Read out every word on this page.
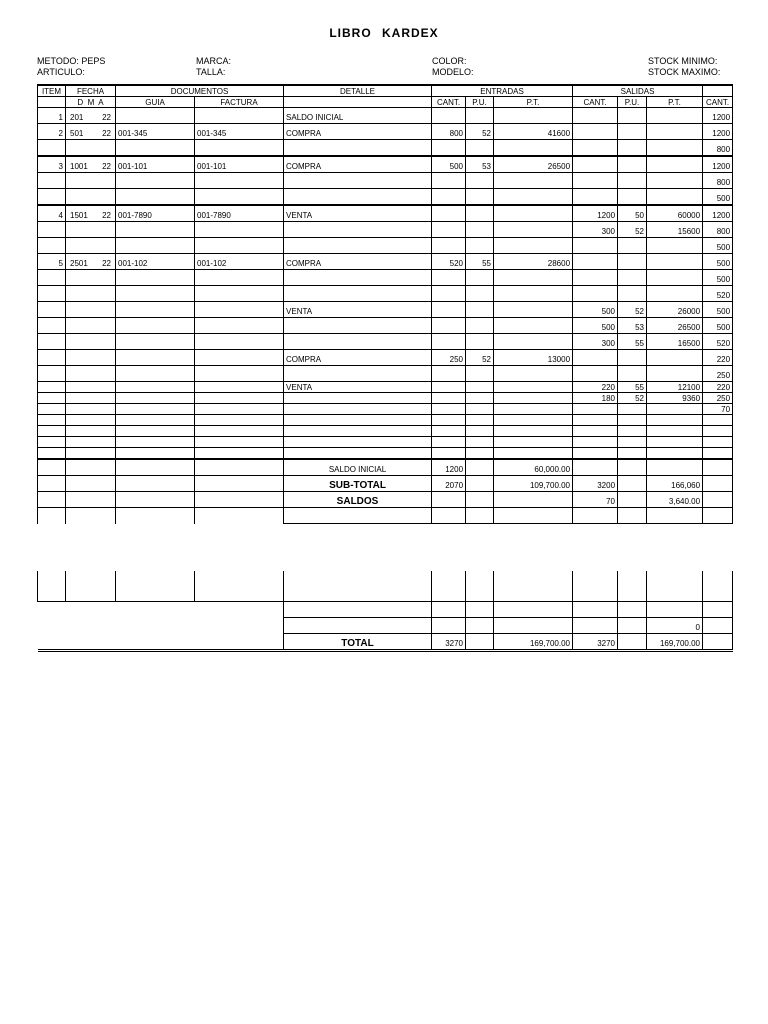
LIBRO KARDEX
METODO: PEPS
ARTICULO:
MARCA:
TALLA:
COLOR:
MODELO:
STOCK MINIMO:
STOCK MAXIMO:
ITEM	FECHA	DOCUMENTOS		DETALLE	ENTRADAS			SALIDAS			
	D M A	GUIA	FACTURA		CANT.	P.U.	P.T.	CANT.	P.U.	P.T.	CANT.
1	2 01 22			SALDO INICIAL							1200
2	5 01 22	001-345	001-345	COMPRA	800	52	41600				1200

										800
3	10 01 22	001-101	001-101	COMPRA	500	53	26500				1200

										800

										500
4	15 01 22	001-7890	001-7890	VENTA				1200	50	60000	1200

							300	52	15600	800

										500
5	25 01 22	001-102	001-102	COMPRA	520	55	28600				500

										500

										520

			VENTA				500	52	26000	500

							500	53	26500	500

							300	55	16500	520

			COMPRA	250	52	13000				220

										250

			VENTA				220	55	12100	220

							180	52	9360	250

										70

				SALDO INICIAL	1200		60,000.00				
				SUB-TOTAL	2070		109,700.00	3200		166,060	
				SALDOS				70		3,640.00	

										0	
				TOTAL	3270		169,700.00	3270		169,700.00	
